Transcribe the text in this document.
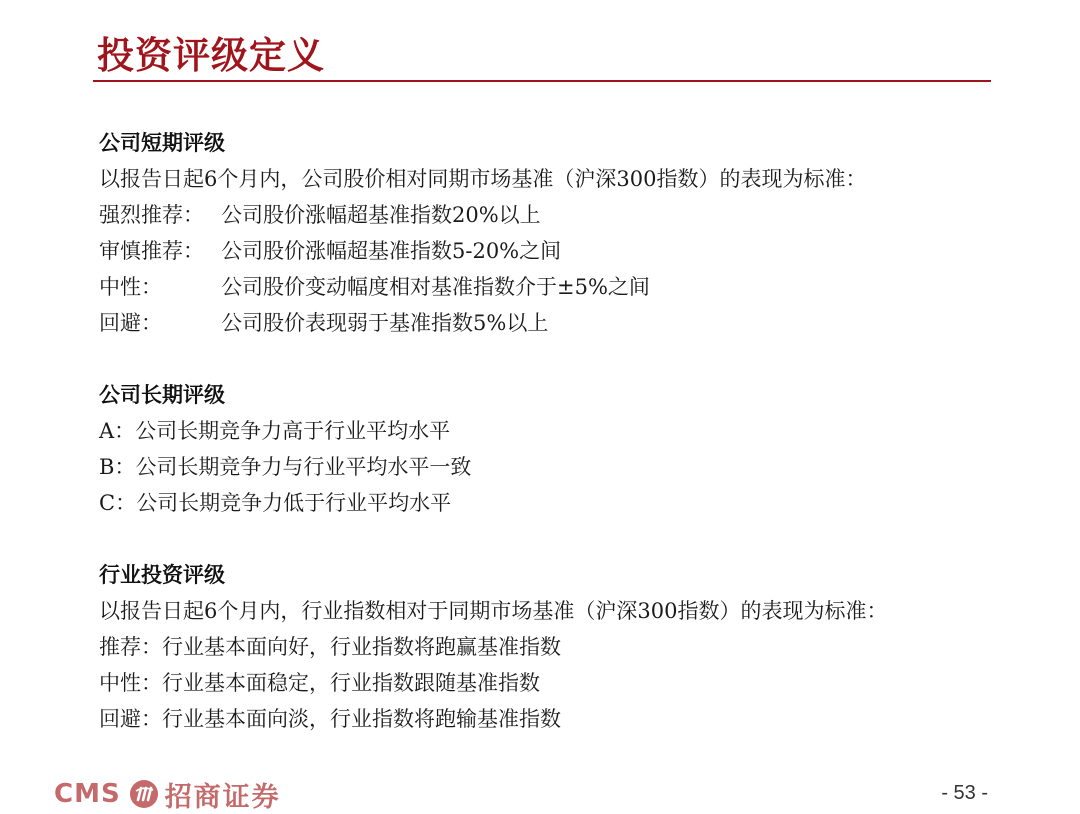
投资评级定义
公司短期评级
以报告日起6个月内，公司股价相对同期市场基准（沪深300指数）的表现为标准：
强烈推荐： 公司股价涨幅超基准指数20%以上
审慎推荐： 公司股价涨幅超基准指数5-20%之间
中性：	公司股价变动幅度相对基准指数介于±5%之间
回避：	公司股价表现弱于基准指数5%以上
公司长期评级
A： 公司长期竞争力高于行业平均水平
B： 公司长期竞争力与行业平均水平一致
C： 公司长期竞争力低于行业平均水平
行业投资评级
以报告日起6个月内，行业指数相对于同期市场基准（沪深300指数）的表现为标准：
推荐： 行业基本面向好，行业指数将跑赢基准指数
中性： 行业基本面稳定，行业指数跟随基准指数
回避： 行业基本面向淡，行业指数将跑输基准指数
CMS 招商证券	- 53 -
